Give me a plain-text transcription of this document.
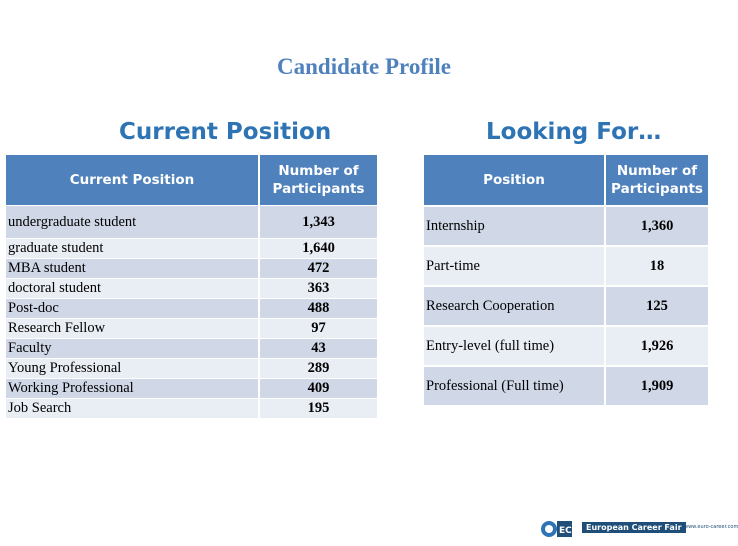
Candidate Profile
Current Position	Looking For…
Current Position	Number of Participants
undergraduate student	1,343
graduate student	1,640
MBA student	472
doctoral student	363
Post-doc	488
Research Fellow	97
Faculty	43
Young Professional	289
Working Professional	409
Job Search	195
Position	Number of Participants
Internship	1,360
Part-time	18
Research Cooperation	125
Entry-level (full time)	1,926
Professional (Full time)	1,909
ECF	European Career Fair www.euro-career.com
